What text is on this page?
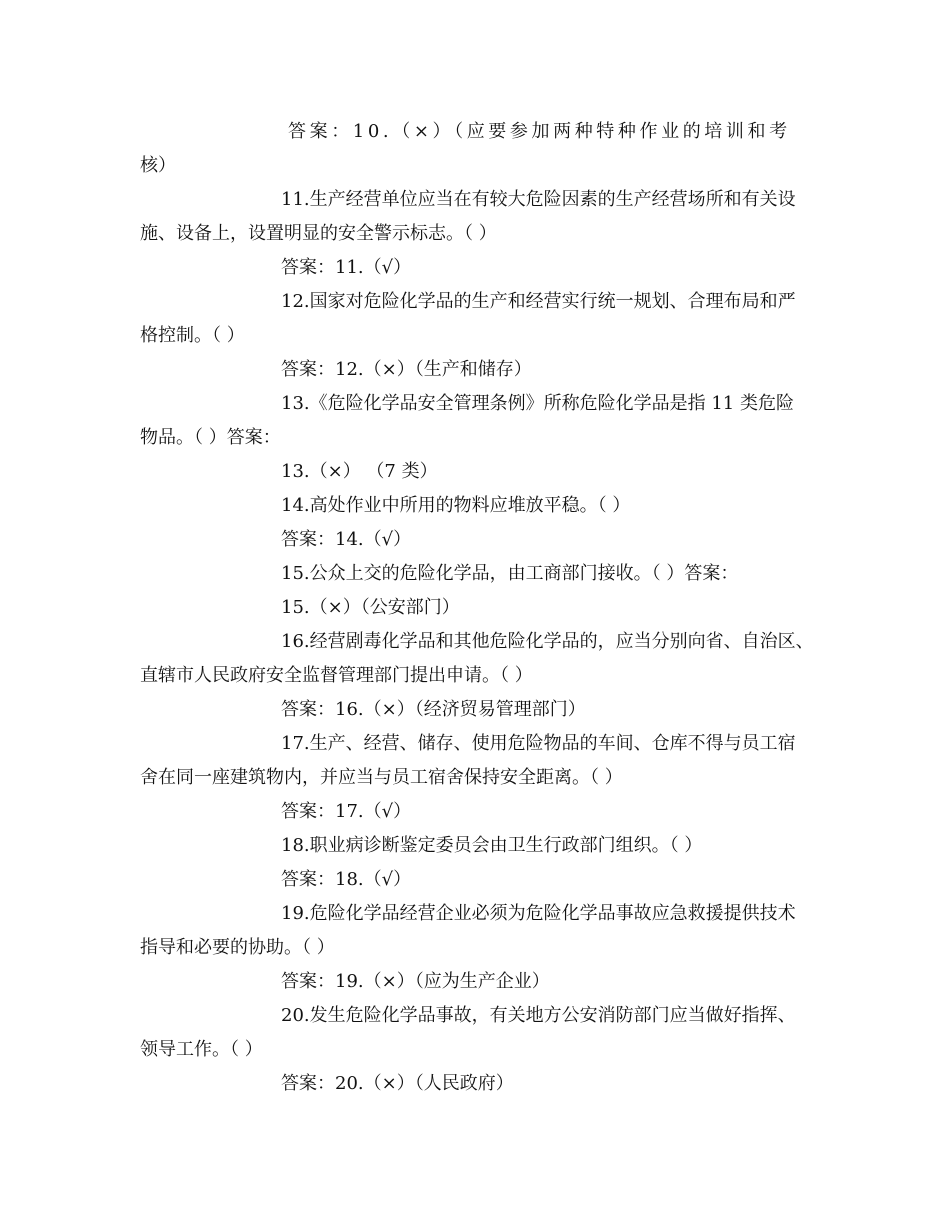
答案：10.（×）（应要参加两种特种作业的培训和考
核）
11.生产经营单位应当在有较大危险因素的生产经营场所和有关设
施、设备上，设置明显的安全警示标志。（ ）
答案：11.（√）
12.国家对危险化学品的生产和经营实行统一规划、合理布局和严
格控制。（ ）
答案：12.（×）（生产和储存）
13.《危险化学品安全管理条例》所称危险化学品是指 11 类危险
物品。（ ）答案：
13.（×） （7 类）
14.高处作业中所用的物料应堆放平稳。（ ）
答案：14.（√）
15.公众上交的危险化学品，由工商部门接收。（ ）答案：
15.（×）（公安部门）
16.经营剧毒化学品和其他危险化学品的，应当分别向省、自治区、
直辖市人民政府安全监督管理部门提出申请。（ ）
答案：16.（×）（经济贸易管理部门）
17.生产、经营、储存、使用危险物品的车间、仓库不得与员工宿
舍在同一座建筑物内，并应当与员工宿舍保持安全距离。（ ）
答案：17.（√）
18.职业病诊断鉴定委员会由卫生行政部门组织。（ ）
答案：18.（√）
19.危险化学品经营企业必须为危险化学品事故应急救援提供技术
指导和必要的协助。（ ）
答案：19.（×）（应为生产企业）
20.发生危险化学品事故，有关地方公安消防部门应当做好指挥、
领导工作。（ ）
答案：20.（×）（人民政府）
